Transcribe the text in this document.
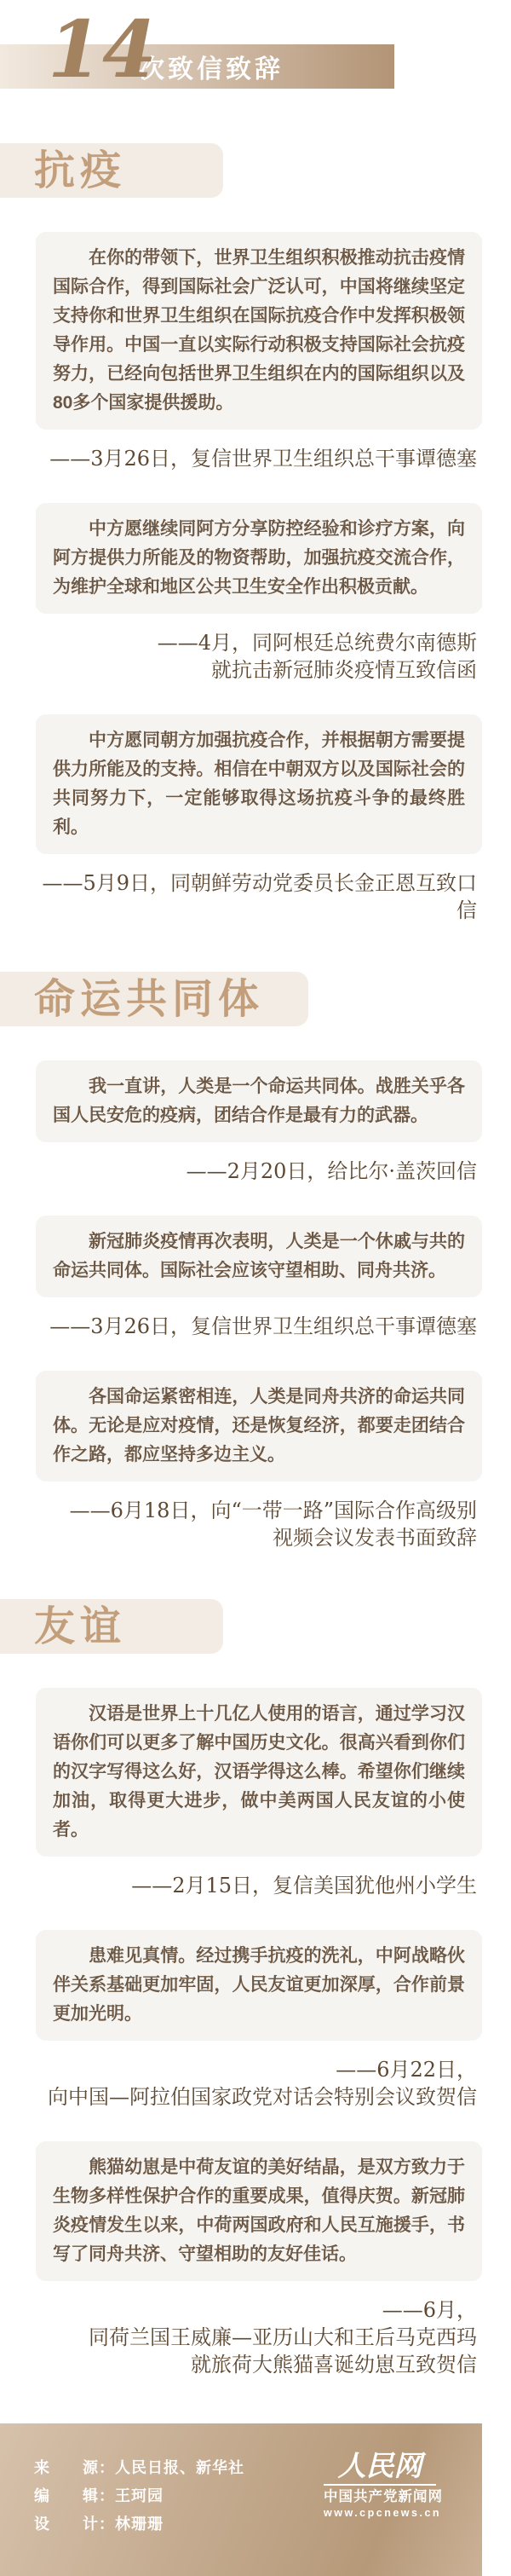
14
次致信致辞
抗疫

在你的带领下，世界卫生组织积极推动抗击疫情国际合作，得到国际社会广泛认可，中国将继续坚定支持你和世界卫生组织在国际抗疫合作中发挥积极领导作用。中国一直以实际行动积极支持国际社会抗疫努力，已经向包括世界卫生组织在内的国际组织以及80多个国家提供援助。

——3月26日，复信世界卫生组织总干事谭德塞

中方愿继续同阿方分享防控经验和诊疗方案，向阿方提供力所能及的物资帮助，加强抗疫交流合作，为维护全球和地区公共卫生安全作出积极贡献。

——4月，同阿根廷总统费尔南德斯
就抗击新冠肺炎疫情互致信函

中方愿同朝方加强抗疫合作，并根据朝方需要提供力所能及的支持。相信在中朝双方以及国际社会的共同努力下，一定能够取得这场抗疫斗争的最终胜利。

——5月9日，同朝鲜劳动党委员长金正恩互致口信
命运共同体

我一直讲，人类是一个命运共同体。战胜关乎各国人民安危的疫病，团结合作是最有力的武器。

——2月20日，给比尔·盖茨回信

新冠肺炎疫情再次表明，人类是一个休戚与共的命运共同体。国际社会应该守望相助、同舟共济。

——3月26日，复信世界卫生组织总干事谭德塞

各国命运紧密相连，人类是同舟共济的命运共同体。无论是应对疫情，还是恢复经济，都要走团结合作之路，都应坚持多边主义。

——6月18日，向“一带一路”国际合作高级别
视频会议发表书面致辞
友谊

汉语是世界上十几亿人使用的语言，通过学习汉语你们可以更多了解中国历史文化。很高兴看到你们的汉字写得这么好，汉语学得这么棒。希望你们继续加油，取得更大进步，做中美两国人民友谊的小使者。

——2月15日，复信美国犹他州小学生

患难见真情。经过携手抗疫的洗礼，中阿战略伙伴关系基础更加牢固，人民友谊更加深厚，合作前景更加光明。

——6月22日，
向中国—阿拉伯国家政党对话会特别会议致贺信

熊猫幼崽是中荷友谊的美好结晶，是双方致力于生物多样性保护合作的重要成果，值得庆贺。新冠肺炎疫情发生以来，中荷两国政府和人民互施援手，书写了同舟共济、守望相助的友好佳话。

——6月，
同荷兰国王威廉—亚历山大和王后马克西玛
就旅荷大熊猫喜诞幼崽互致贺信
来　　源：人民日报、新华社
编　　辑：王珂园
设　　计：林珊珊
人民网
中国共产党新闻网
www.cpcnews.cn
